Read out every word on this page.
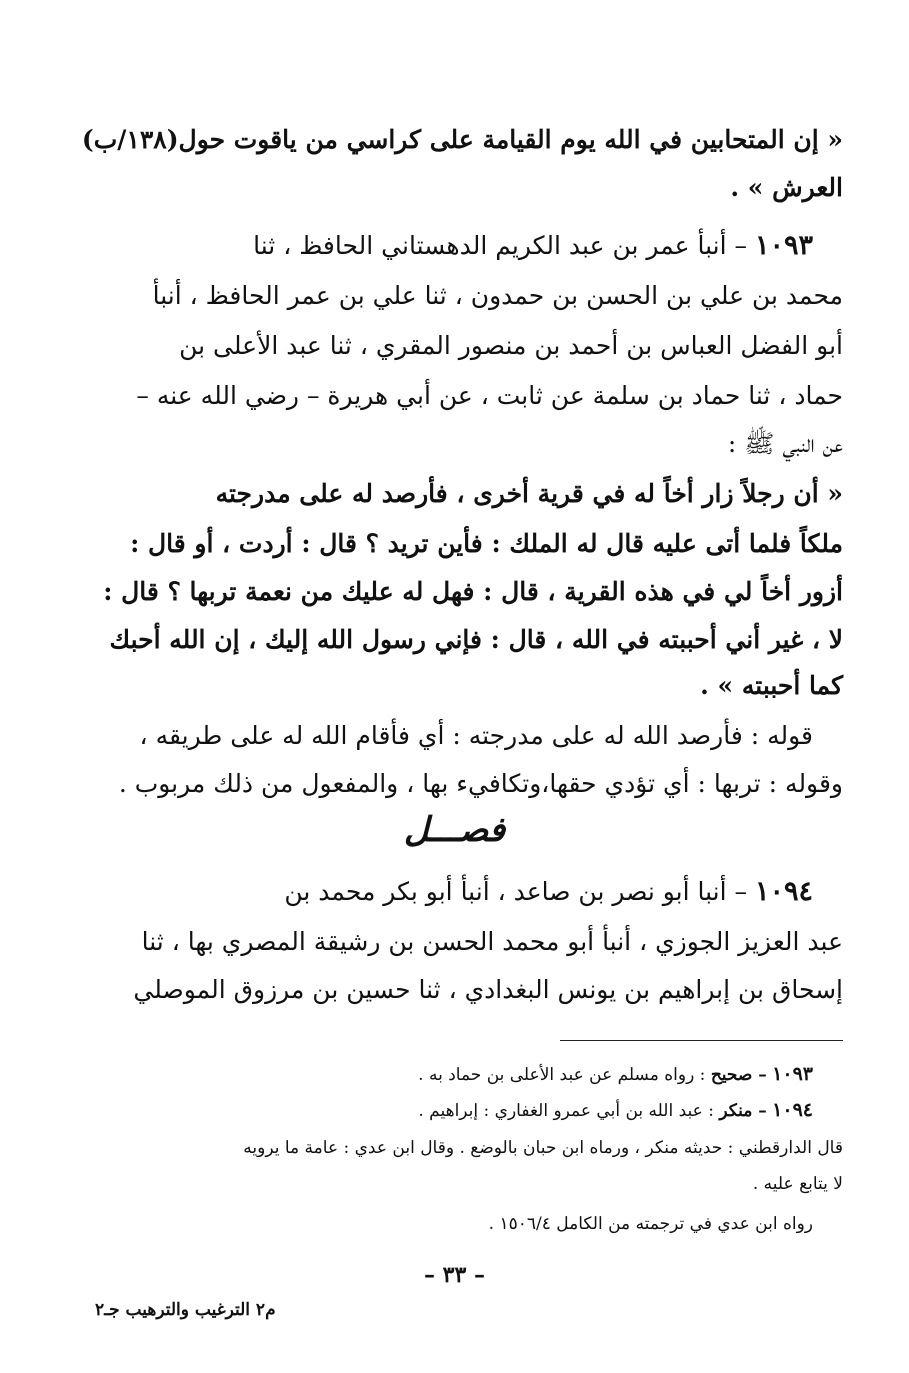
« إن المتحابين في الله يوم القيامة على كراسي من ياقوت حول(١٣٨/ب)
العرش » .
١٠٩٣ – أنبأ عمر بن عبد الكريم الدهستاني الحافظ ، ثنا
محمد بن علي بن الحسن بن حمدون ، ثنا علي بن عمر الحافظ ، أنبأ
أبو الفضل العباس بن أحمد بن منصور المقري ، ثنا عبد الأعلى بن
حماد ، ثنا حماد بن سلمة عن ثابت ، عن أبي هريرة – رضي الله عنه –
عن النبي ﷺ :
« أن رجلاً زار أخاً له في قرية أخرى ، فأرصد له على مدرجته
ملكاً فلما أتى عليه قال له الملك : فأين تريد ؟ قال : أردت ، أو قال :
أزور أخاً لي في هذه القرية ، قال : فهل له عليك من نعمة تربها ؟ قال :
لا ، غير أني أحببته في الله ، قال : فإني رسول الله إليك ، إن الله أحبك
كما أحببته » .
قوله : فأرصد الله له على مدرجته : أي فأقام الله له على طريقه ،
وقوله : تربها : أي تؤدي حقها،وتكافيء بها ، والمفعول من ذلك مربوب .
فصـــل
١٠٩٤ – أنبا أبو نصر بن صاعد ، أنبأ أبو بكر محمد بن
عبد العزيز الجوزي ، أنبأ أبو محمد الحسن بن رشيقة المصري بها ، ثنا
إسحاق بن إبراهيم بن يونس البغدادي ، ثنا حسين بن مرزوق الموصلي
١٠٩٣ – صحيح : رواه مسلم عن عبد الأعلى بن حماد به .
١٠٩٤ – منكر : عبد الله بن أبي عمرو الغفاري : إبراهيم .
قال الدارقطني : حديثه منكر ، ورماه ابن حبان بالوضع . وقال ابن عدي : عامة ما يرويه
لا يتابع عليه .
رواه ابن عدي في ترجمته من الكامل ١٥٠٦/٤ .
– ٣٣ –
م٢ الترغيب والترهيب جـ٢
